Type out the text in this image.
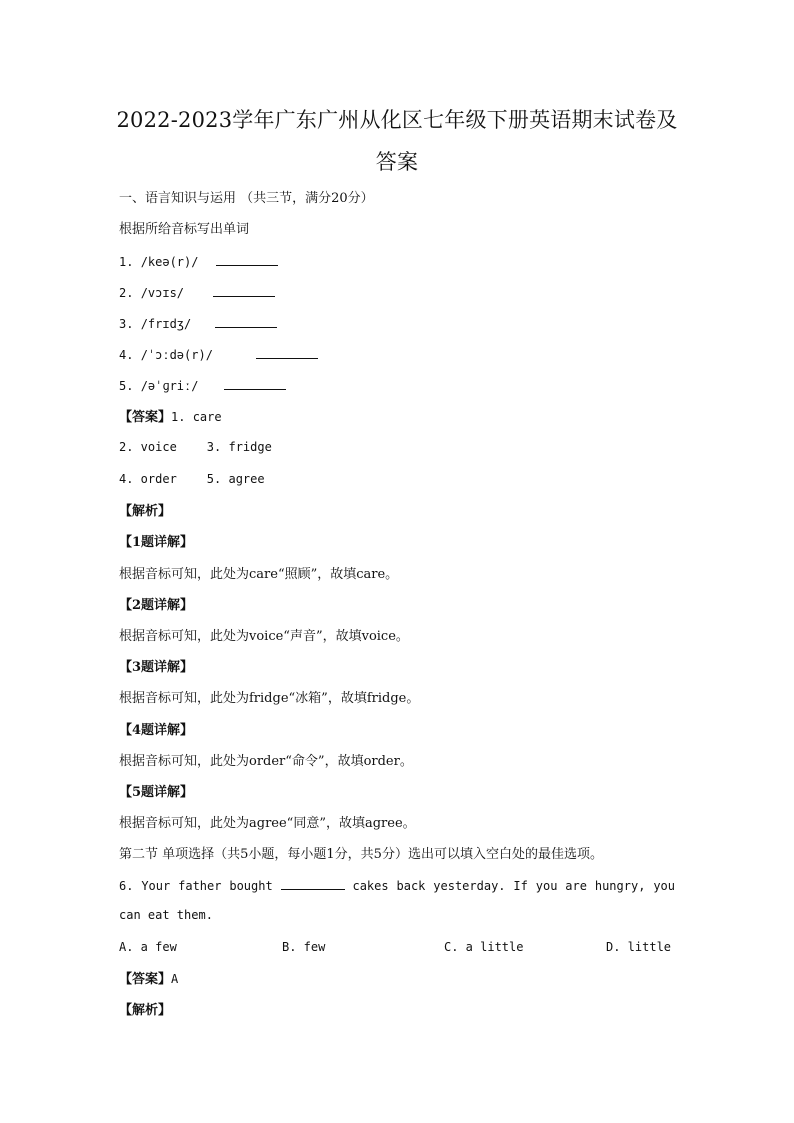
2022-2023学年广东广州从化区七年级下册英语期末试卷及
答案
一、语言知识与运用 （共三节，满分20分）
根据所给音标写出单词
1. /keə(r)/
2. /vɔɪs/
3. /frɪdʒ/
4. /ˈɔːdə(r)/
5. /əˈɡriː/
【答案】1. care
2. voice	3. fridge
4. order	5. agree
【解析】
【1题详解】
根据音标可知，此处为care“照顾”，故填care。
【2题详解】
根据音标可知，此处为voice“声音”，故填voice。
【3题详解】
根据音标可知，此处为fridge“冰箱”，故填fridge。
【4题详解】
根据音标可知，此处为order“命令”，故填order。
【5题详解】
根据音标可知，此处为agree“同意”，故填agree。
第二节 单项选择（共5小题，每小题1分，共5分）选出可以填入空白处的最佳选项。
6. Your father bought	cakes back yesterday. If you are hungry, you
can eat them.
A. a few	B. few	C. a little	D. little
【答案】A
【解析】
